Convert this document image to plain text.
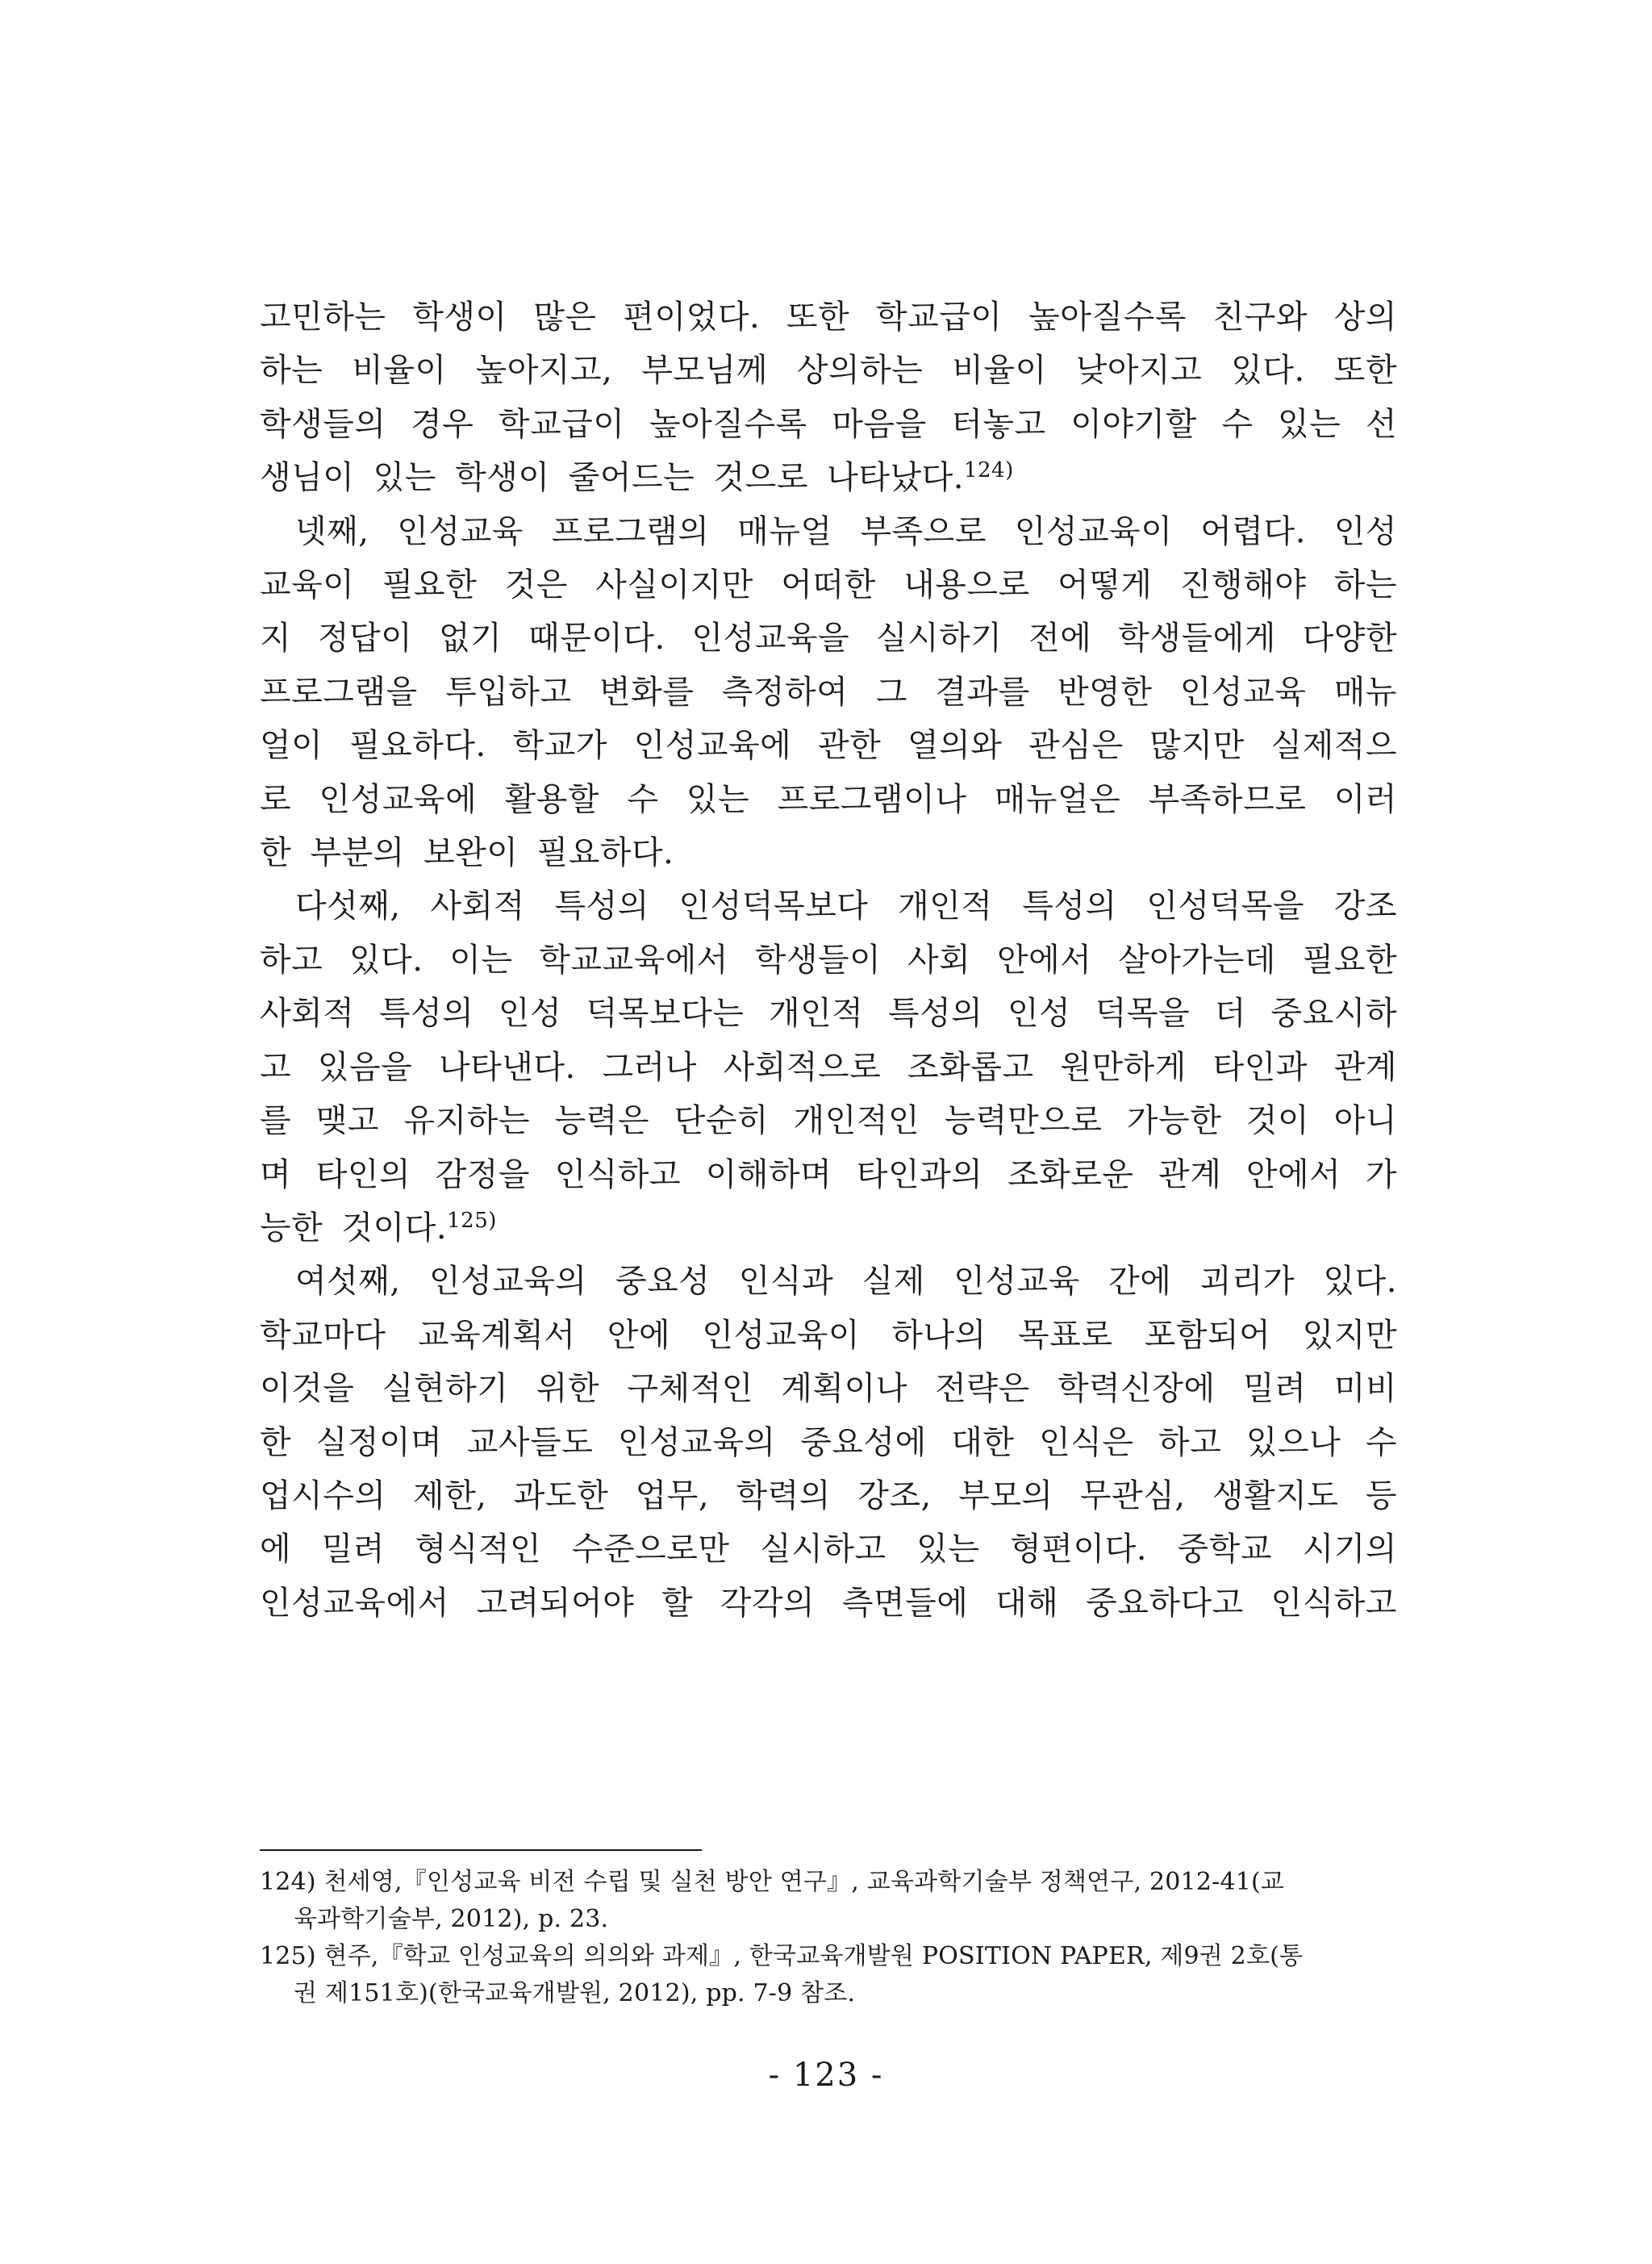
고민하는 학생이 많은 편이었다. 또한 학교급이 높아질수록 친구와 상의
하는 비율이 높아지고, 부모님께 상의하는 비율이 낮아지고 있다. 또한
학생들의 경우 학교급이 높아질수록 마음을 터놓고 이야기할 수 있는 선
생님이 있는 학생이 줄어드는 것으로 나타났다.$^{124)}$
넷째, 인성교육 프로그램의 매뉴얼 부족으로 인성교육이 어렵다. 인성
교육이 필요한 것은 사실이지만 어떠한 내용으로 어떻게 진행해야 하는
지 정답이 없기 때문이다. 인성교육을 실시하기 전에 학생들에게 다양한
프로그램을 투입하고 변화를 측정하여 그 결과를 반영한 인성교육 매뉴
얼이 필요하다. 학교가 인성교육에 관한 열의와 관심은 많지만 실제적으
로 인성교육에 활용할 수 있는 프로그램이나 매뉴얼은 부족하므로 이러
한 부분의 보완이 필요하다.
다섯째, 사회적 특성의 인성덕목보다 개인적 특성의 인성덕목을 강조
하고 있다. 이는 학교교육에서 학생들이 사회 안에서 살아가는데 필요한
사회적 특성의 인성 덕목보다는 개인적 특성의 인성 덕목을 더 중요시하
고 있음을 나타낸다. 그러나 사회적으로 조화롭고 원만하게 타인과 관계
를 맺고 유지하는 능력은 단순히 개인적인 능력만으로 가능한 것이 아니
며 타인의 감정을 인식하고 이해하며 타인과의 조화로운 관계 안에서 가
능한 것이다.$^{125)}$
여섯째, 인성교육의 중요성 인식과 실제 인성교육 간에 괴리가 있다.
학교마다 교육계획서 안에 인성교육이 하나의 목표로 포함되어 있지만
이것을 실현하기 위한 구체적인 계획이나 전략은 학력신장에 밀려 미비
한 실정이며 교사들도 인성교육의 중요성에 대한 인식은 하고 있으나 수
업시수의 제한, 과도한 업무, 학력의 강조, 부모의 무관심, 생활지도 등
에 밀려 형식적인 수준으로만 실시하고 있는 형편이다. 중학교 시기의
인성교육에서 고려되어야 할 각각의 측면들에 대해 중요하다고 인식하고
124) 천세영,『인성교육 비전 수립 및 실천 방안 연구』, 교육과학기술부 정책연구, 2012-41(교
육과학기술부, 2012), p. 23.
125) 현주,『학교 인성교육의 의의와 과제』, 한국교육개발원 POSITION PAPER, 제9권 2호(통
권 제151호)(한국교육개발원, 2012), pp. 7-9 참조.
- 123 -
